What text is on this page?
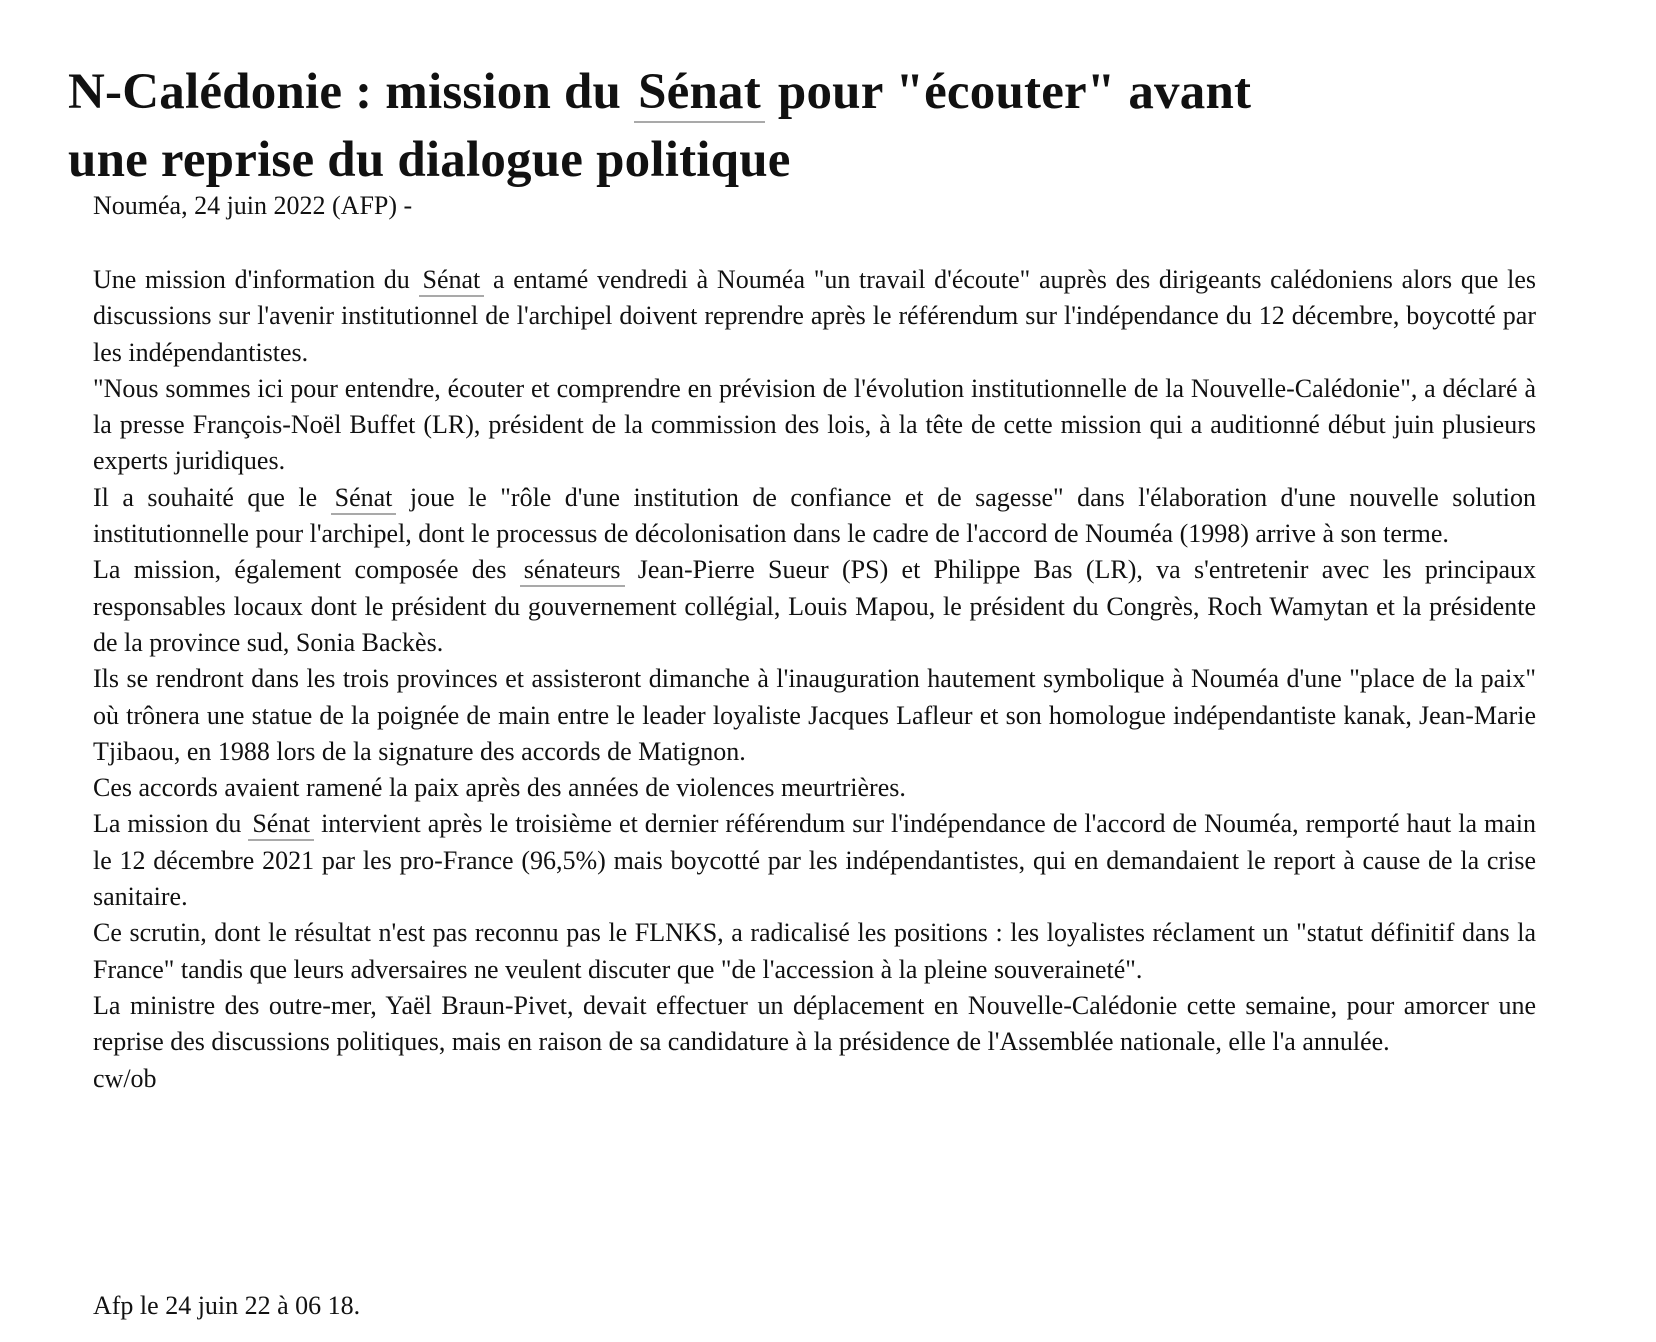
N-Calédonie : mission du Sénat pour "écouter" avant
une reprise du dialogue politique

Nouméa, 24 juin 2022 (AFP) -

Une mission d'information du Sénat a entamé vendredi à Nouméa "un travail d'écoute" auprès des dirigeants calédoniens alors que les discussions sur l'avenir institutionnel de l'archipel doivent reprendre après le référendum sur l'indépendance du 12 décembre, boycotté par les indépendantistes.

"Nous sommes ici pour entendre, écouter et comprendre en prévision de l'évolution institutionnelle de la Nouvelle-Calédonie", a déclaré à la presse François-Noël Buffet (LR), président de la commission des lois, à la tête de cette mission qui a auditionné début juin plusieurs experts juridiques.

Il a souhaité que le Sénat joue le "rôle d'une institution de confiance et de sagesse" dans l'élaboration d'une nouvelle solution institutionnelle pour l'archipel, dont le processus de décolonisation dans le cadre de l'accord de Nouméa (1998) arrive à son terme.

La mission, également composée des sénateurs Jean-Pierre Sueur (PS) et Philippe Bas (LR), va s'entretenir avec les principaux responsables locaux dont le président du gouvernement collégial, Louis Mapou, le président du Congrès, Roch Wamytan et la présidente de la province sud, Sonia Backès.

Ils se rendront dans les trois provinces et assisteront dimanche à l'inauguration hautement symbolique à Nouméa d'une "place de la paix" où trônera une statue de la poignée de main entre le leader loyaliste Jacques Lafleur et son homologue indépendantiste kanak, Jean-Marie Tjibaou, en 1988 lors de la signature des accords de Matignon.

Ces accords avaient ramené la paix après des années de violences meurtrières.

La mission du Sénat intervient après le troisième et dernier référendum sur l'indépendance de l'accord de Nouméa, remporté haut la main le 12 décembre 2021 par les pro-France (96,5%) mais boycotté par les indépendantistes, qui en demandaient le report à cause de la crise sanitaire.

Ce scrutin, dont le résultat n'est pas reconnu pas le FLNKS, a radicalisé les positions : les loyalistes réclament un "statut définitif dans la France" tandis que leurs adversaires ne veulent discuter que "de l'accession à la pleine souveraineté".

La ministre des outre-mer, Yaël Braun-Pivet, devait effectuer un déplacement en Nouvelle-Calédonie cette semaine, pour amorcer une reprise des discussions politiques, mais en raison de sa candidature à la présidence de l'Assemblée nationale, elle l'a annulée.

cw/ob

Afp le 24 juin 22 à 06 18.
